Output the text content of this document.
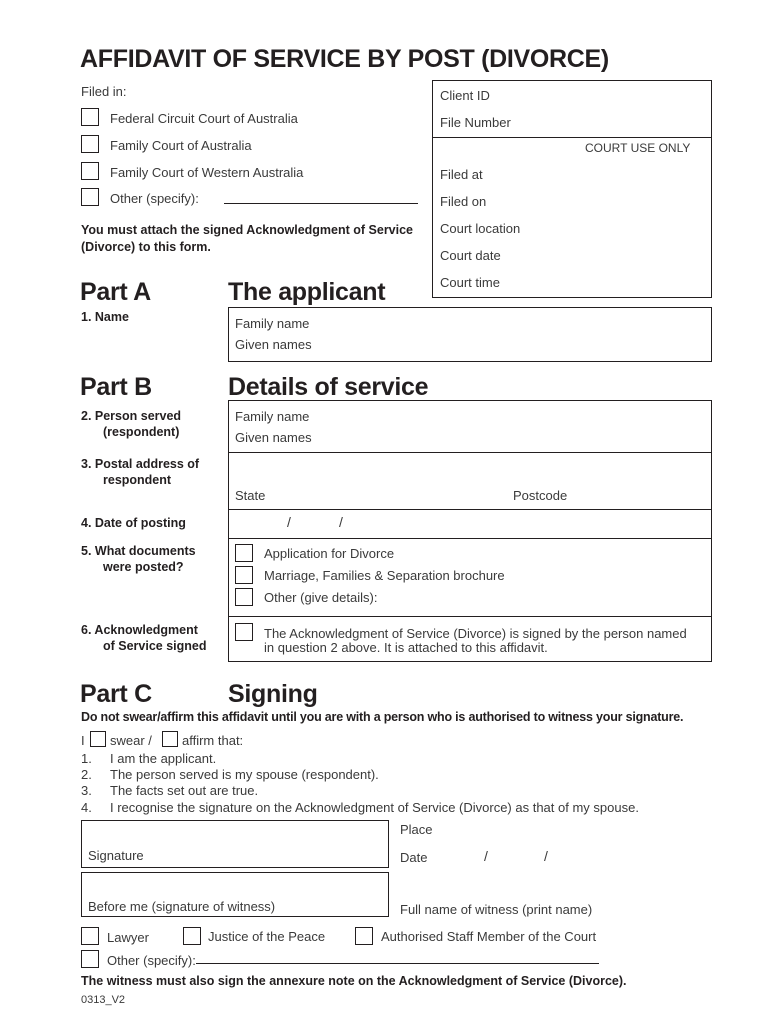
AFFIDAVIT OF SERVICE BY POST (DIVORCE)
Filed in:
Federal Circuit Court of Australia
Family Court of Australia
Family Court of Western Australia
Other (specify):
You must attach the signed Acknowledgment of Service
(Divorce) to this form.
Client ID
File Number
COURT USE ONLY
Filed at
Filed on
Court location
Court date
Court time
Part A	The applicant
1. Name	Family name
Given names
Part B	Details of service
2. Person served
(respondent)
Family name
Given names
3. Postal address of
respondent
State	Postcode
4. Date of posting	/	/
5. What documents
were posted?
Application for Divorce
Marriage, Families & Separation brochure
Other (give details):
6. Acknowledgment
of Service signed
The Acknowledgment of Service (Divorce) is signed by the person named
in question 2 above. It is attached to this affidavit.
Part C	Signing
Do not swear/affirm this affidavit until you are with a person who is authorised to witness your signature.
I swear / affirm that:
1. I am the applicant.
2. The person served is my spouse (respondent).
3. The facts set out are true.
4. I recognise the signature on the Acknowledgment of Service (Divorce) as that of my spouse.
Signature
Place
Date	/	/
Before me (signature of witness)	Full name of witness (print name)
Lawyer	Justice of the Peace	Authorised Staff Member of the Court
Other (specify):
The witness must also sign the annexure note on the Acknowledgment of Service (Divorce).
0313_V2
